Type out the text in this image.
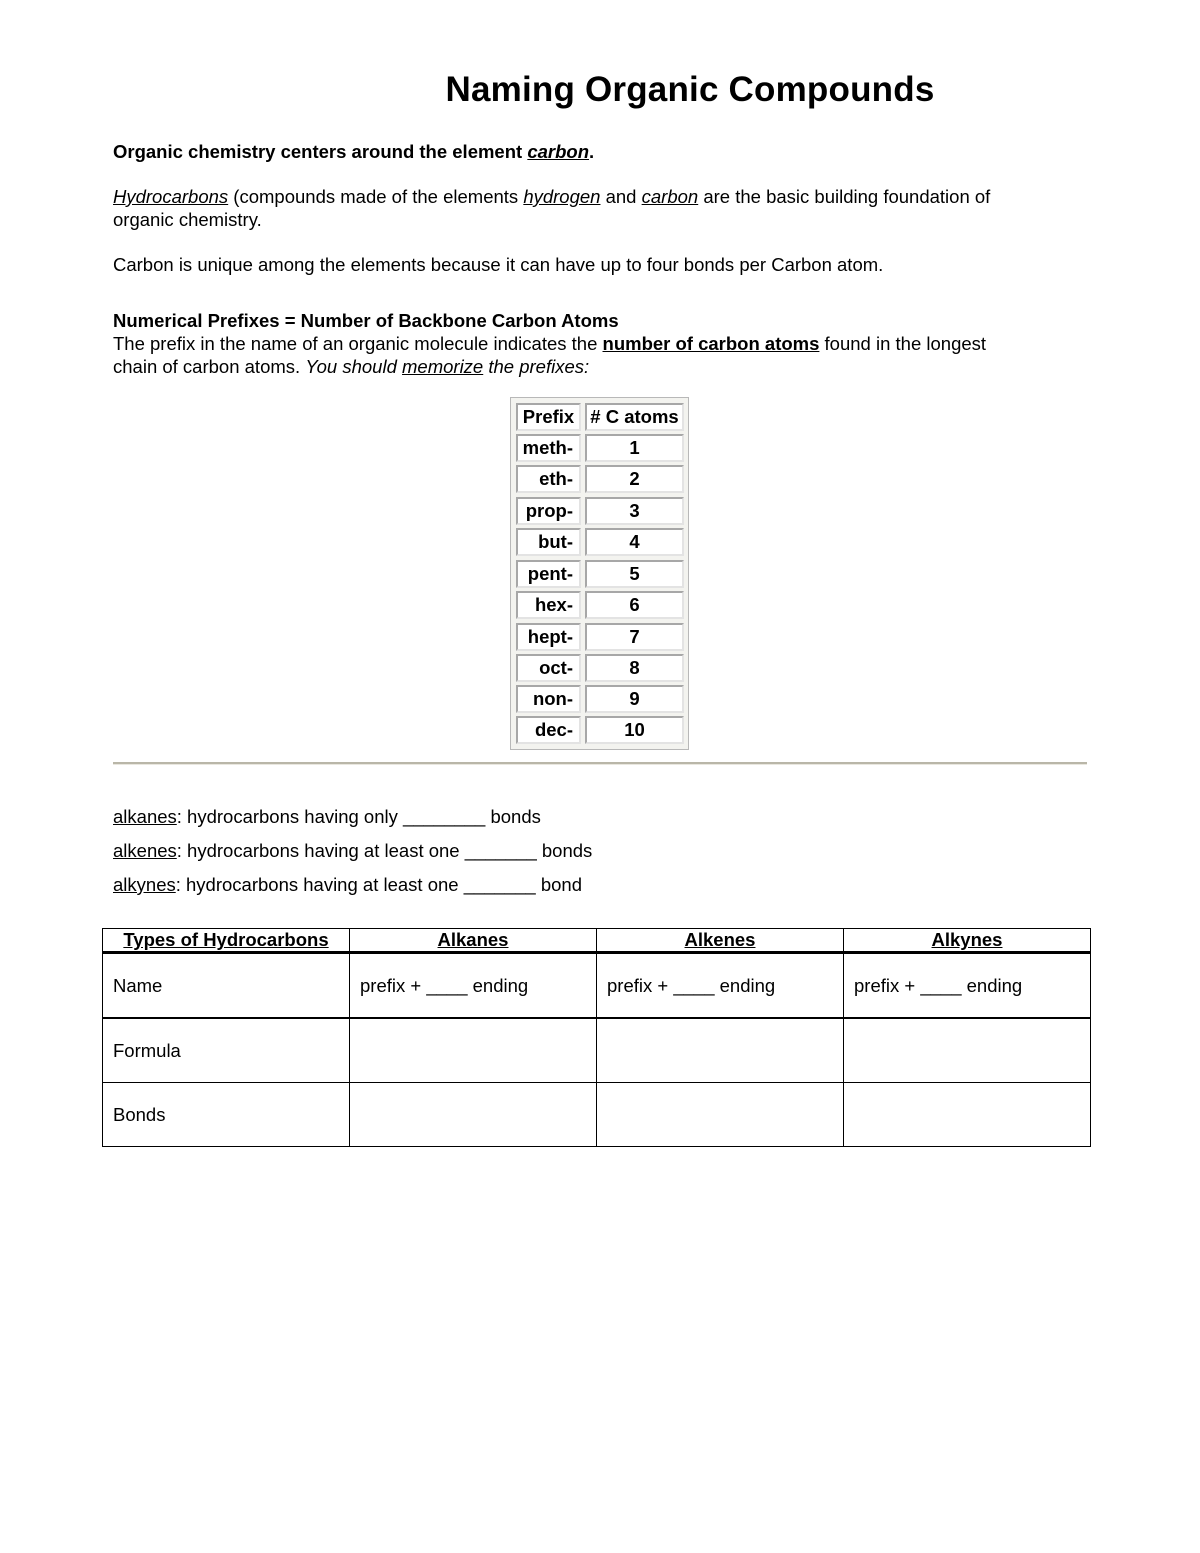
Naming Organic Compounds
Organic chemistry centers around the element carbon.
Hydrocarbons (compounds made of the elements hydrogen and carbon are the basic building foundation of
organic chemistry.
Carbon is unique among the elements because it can have up to four bonds per Carbon atom.
Numerical Prefixes = Number of Backbone Carbon Atoms
The prefix in the name of an organic molecule indicates the number of carbon atoms found in the longest
chain of carbon atoms. You should memorize the prefixes:
Prefix # C atoms
meth-	1
eth-	2
prop-	3
but-	4
pent-	5
hex-	6
hept-	7
oct-	8
non-	9
dec-	10
alkanes: hydrocarbons having only ________ bonds
alkenes: hydrocarbons having at least one _______ bonds
alkynes: hydrocarbons having at least one _______ bond
Types of Hydrocarbons	Alkanes	Alkenes	Alkynes
Name	prefix + ____ ending	prefix + ____ ending	prefix + ____ ending
Formula			
Bonds			
